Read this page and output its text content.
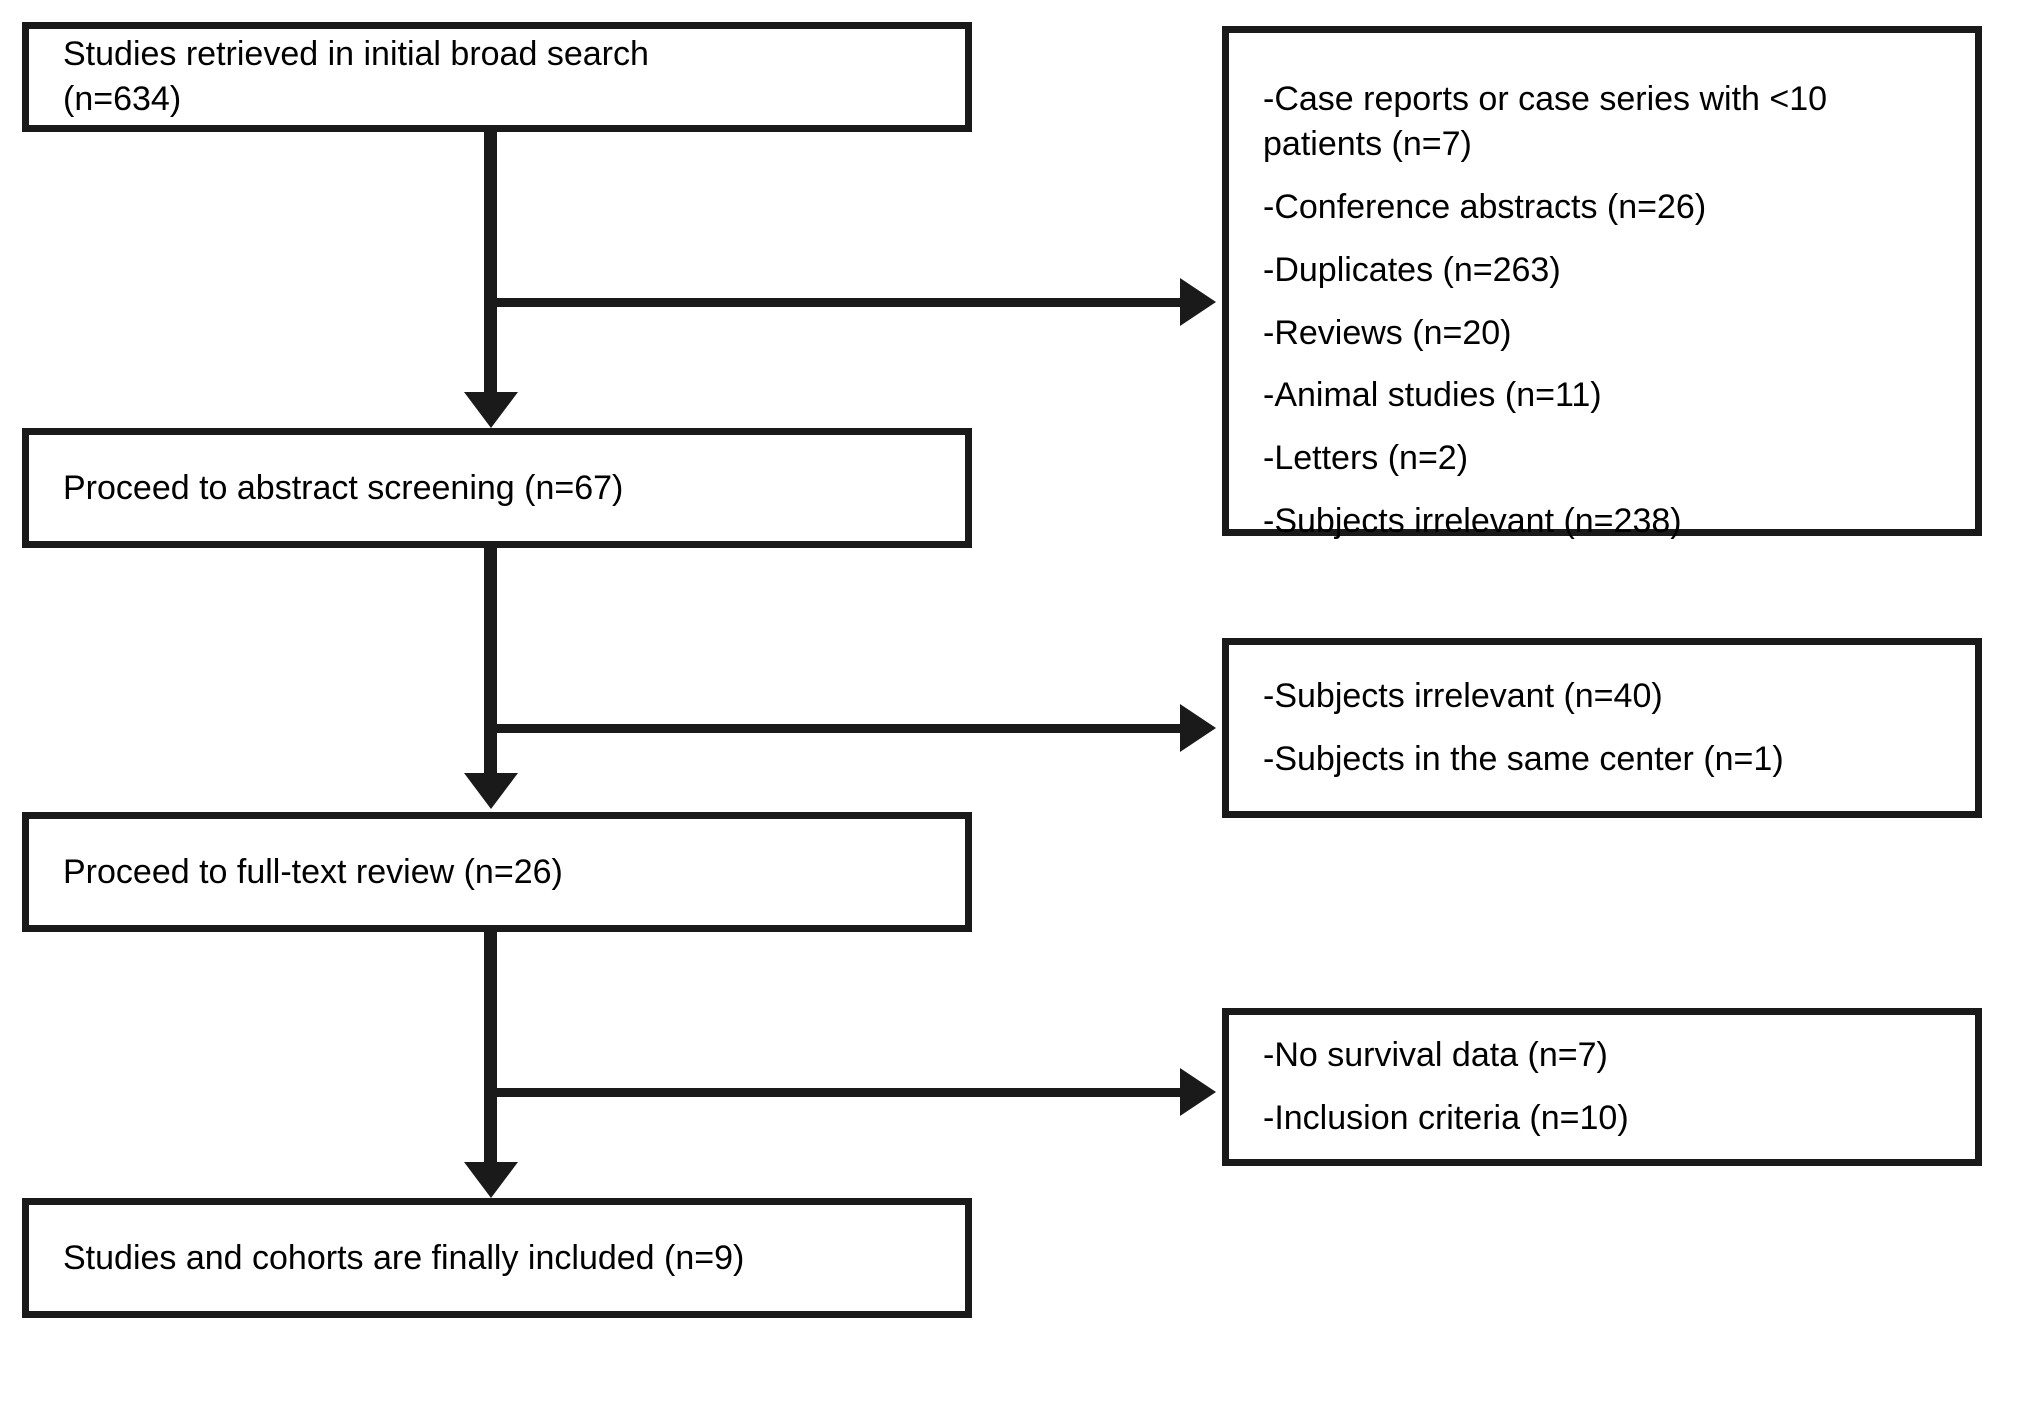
Studies retrieved in initial broad search
(n=634)	-Case reports or case series with <10 patients (n=7)
-Conference abstracts (n=26)
-Duplicates (n=263)
-Reviews (n=20)
-Animal studies (n=11)
-Letters (n=2)
-Subjects irrelevant (n=238)
Proceed to abstract screening (n=67)
-Subjects irrelevant (n=40)
-Subjects in the same center (n=1)
Proceed to full-text review (n=26)
-No survival data (n=7)
-Inclusion criteria (n=10)
Studies and cohorts are finally included (n=9)
